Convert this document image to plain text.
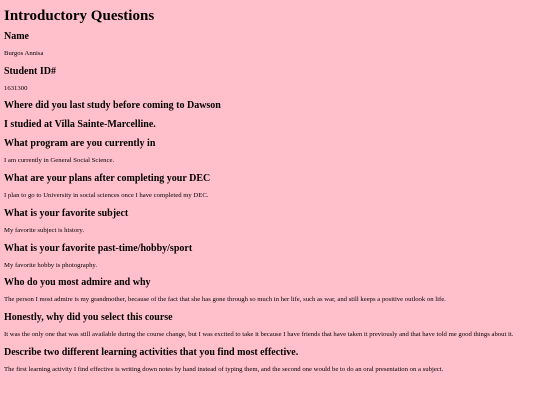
Introductory Questions
Name

Burgos Annisa

Student ID#

1631300

Where did you last study before coming to Dawson

I studied at Villa Sainte-Marcelline.

What program are you currently in

I am currently in General Social Science.

What are your plans after completing your DEC

I plan to go to University in social sciences once I have completed my DEC.

What is your favorite subject

My favorite subject is history.

What is your favorite past-time/hobby/sport

My favorite hobby is photography.

Who do you most admire and why

The person I most admire is my grandmother, because of the fact that she has gone through so much in her life, such as war, and still keeps a positive outlook on life.

Honestly, why did you select this course

It was the only one that was still available during the course change, but I was excited to take it because I have friends that have taken it previously and that have told me good things about it.

Describe two different learning activities that you find most effective.

The first learning activity I find effective is writing down notes by hand instead of typing them, and the second one would be to do an oral presentation on a subject.
